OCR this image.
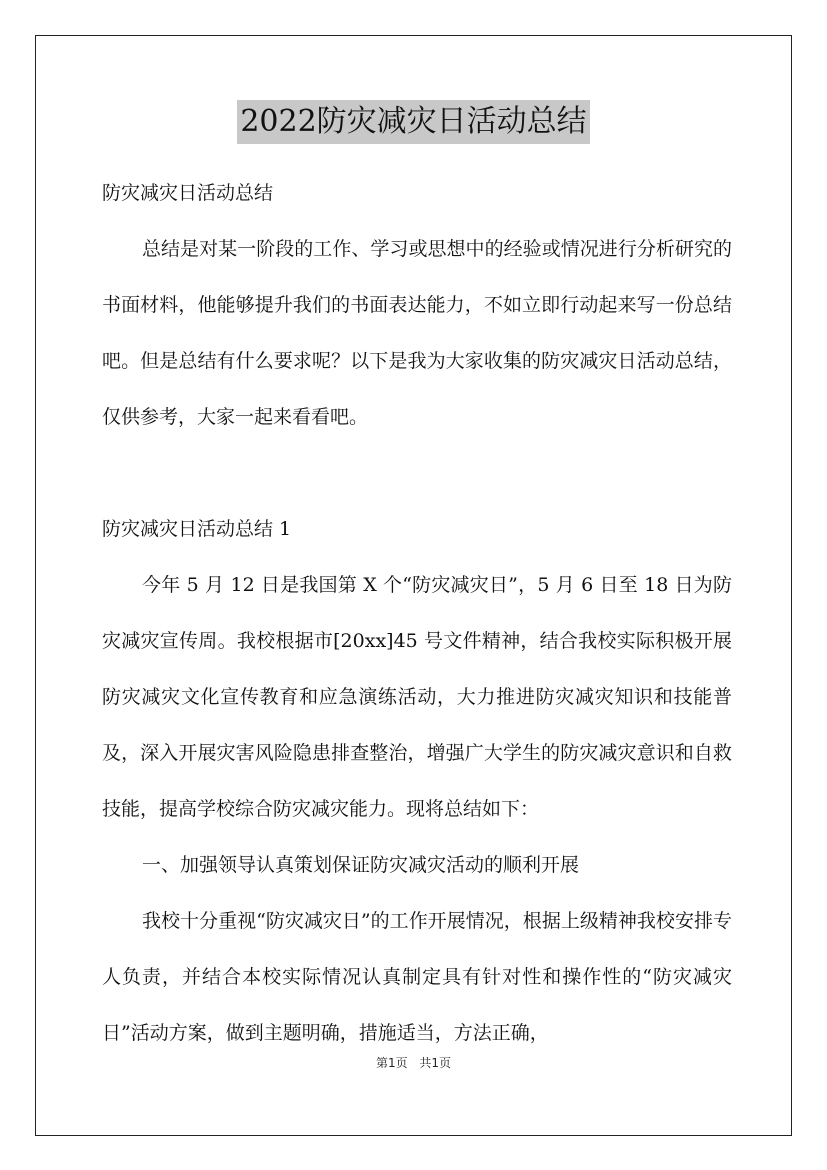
2022防灾减灾日活动总结

防灾减灾日活动总结

总结是对某一阶段的工作、学习或思想中的经验或情况进行分析研究的书面材料，他能够提升我们的书面表达能力，不如立即行动起来写一份总结吧。但是总结有什么要求呢？以下是我为大家收集的防灾减灾日活动总结，仅供参考，大家一起来看看吧。

防灾减灾日活动总结 1

今年 5 月 12 日是我国第 X 个“防灾减灾日”，5 月 6 日至 18 日为防灾减灾宣传周。我校根据市[20xx]45 号文件精神，结合我校实际积极开展防灾减灾文化宣传教育和应急演练活动，大力推进防灾减灾知识和技能普及，深入开展灾害风险隐患排查整治，增强广大学生的防灾减灾意识和自救技能，提高学校综合防灾减灾能力。现将总结如下：

一、加强领导认真策划保证防灾减灾活动的顺利开展

我校十分重视“防灾减灾日”的工作开展情况，根据上级精神我校安排专人负责，并结合本校实际情况认真制定具有针对性和操作性的“防灾减灾日”活动方案，做到主题明确，措施适当，方法正确，

第1页 共1页
